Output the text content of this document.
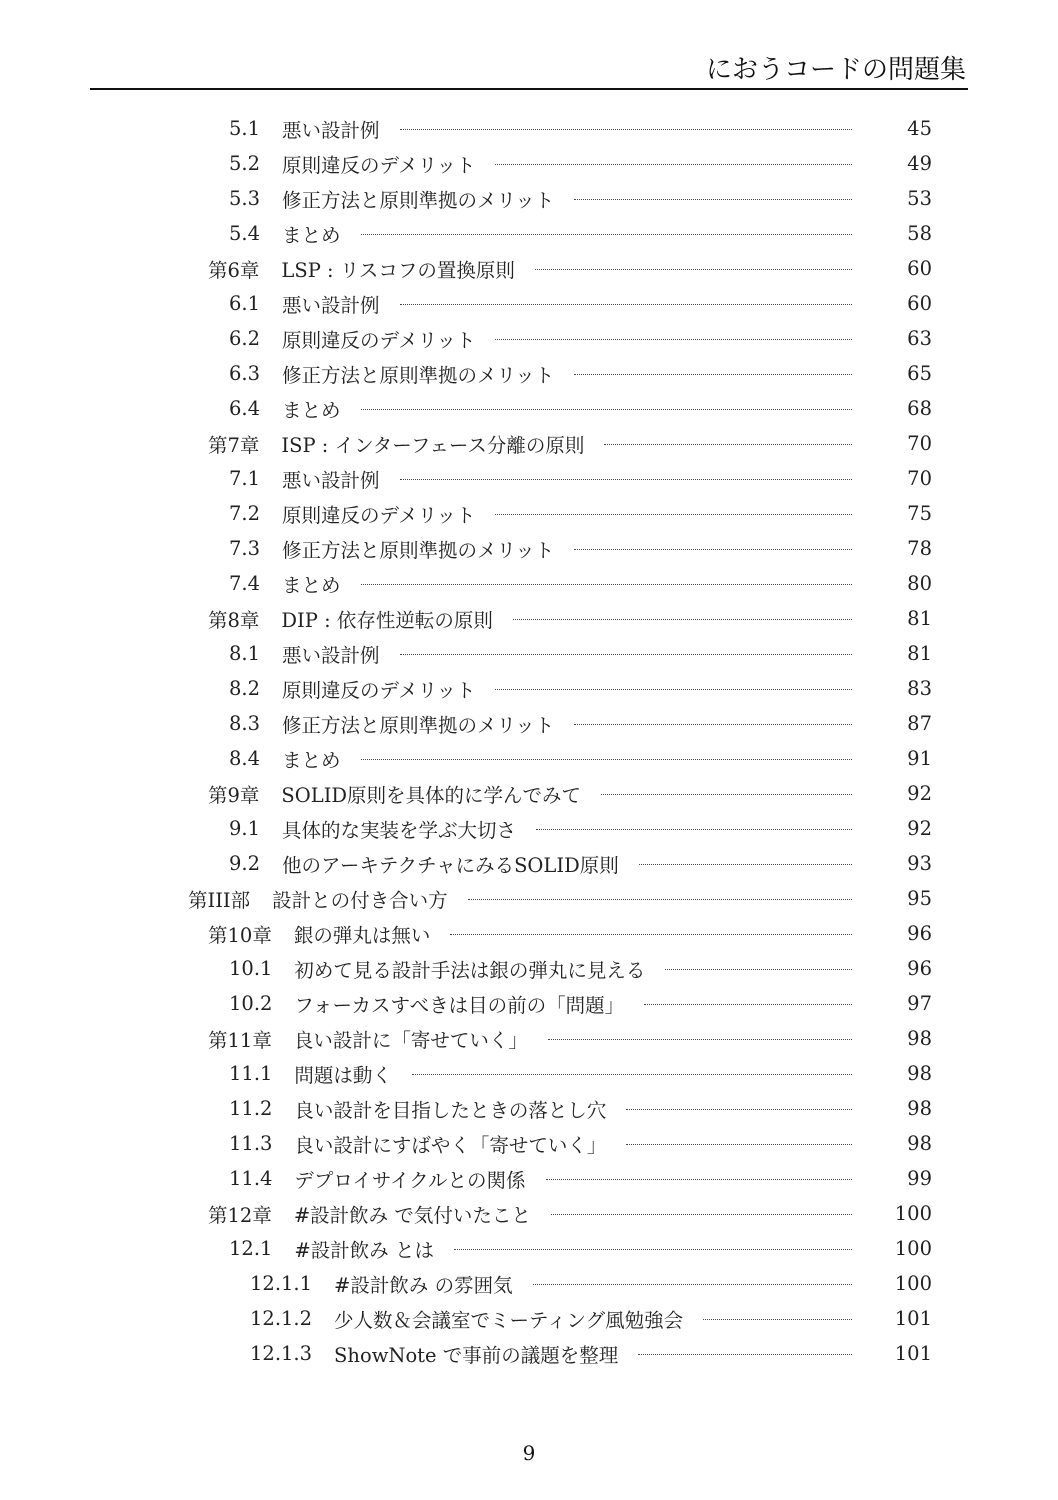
におうコードの問題集
5.1	悪い設計例	45
5.2	原則違反のデメリット	49
5.3	修正方法と原則準拠のメリット	53
5.4	まとめ	58
第6章	LSP : リスコフの置換原則	60
6.1	悪い設計例	60
6.2	原則違反のデメリット	63
6.3	修正方法と原則準拠のメリット	65
6.4	まとめ	68
第7章	ISP : インターフェース分離の原則	70
7.1	悪い設計例	70
7.2	原則違反のデメリット	75
7.3	修正方法と原則準拠のメリット	78
7.4	まとめ	80
第8章	DIP : 依存性逆転の原則	81
8.1	悪い設計例	81
8.2	原則違反のデメリット	83
8.3	修正方法と原則準拠のメリット	87
8.4	まとめ	91
第9章	SOLID原則を具体的に学んでみて	92
9.1	具体的な実装を学ぶ大切さ	92
9.2	他のアーキテクチャにみるSOLID原則	93
第III部	設計との付き合い方	95
第10章	銀の弾丸は無い	96
10.1	初めて見る設計手法は銀の弾丸に見える	96
10.2	フォーカスすべきは目の前の「問題」	97
第11章	良い設計に「寄せていく」	98
11.1	問題は動く	98
11.2	良い設計を目指したときの落とし穴	98
11.3	良い設計にすばやく「寄せていく」	98
11.4	デプロイサイクルとの関係	99
第12章	#設計飲み で気付いたこと	100
12.1	#設計飲み とは	100
12.1.1	#設計飲み の雰囲気	100
12.1.2	少人数＆会議室でミーティング風勉強会	101
12.1.3	ShowNote で事前の議題を整理	101
9
